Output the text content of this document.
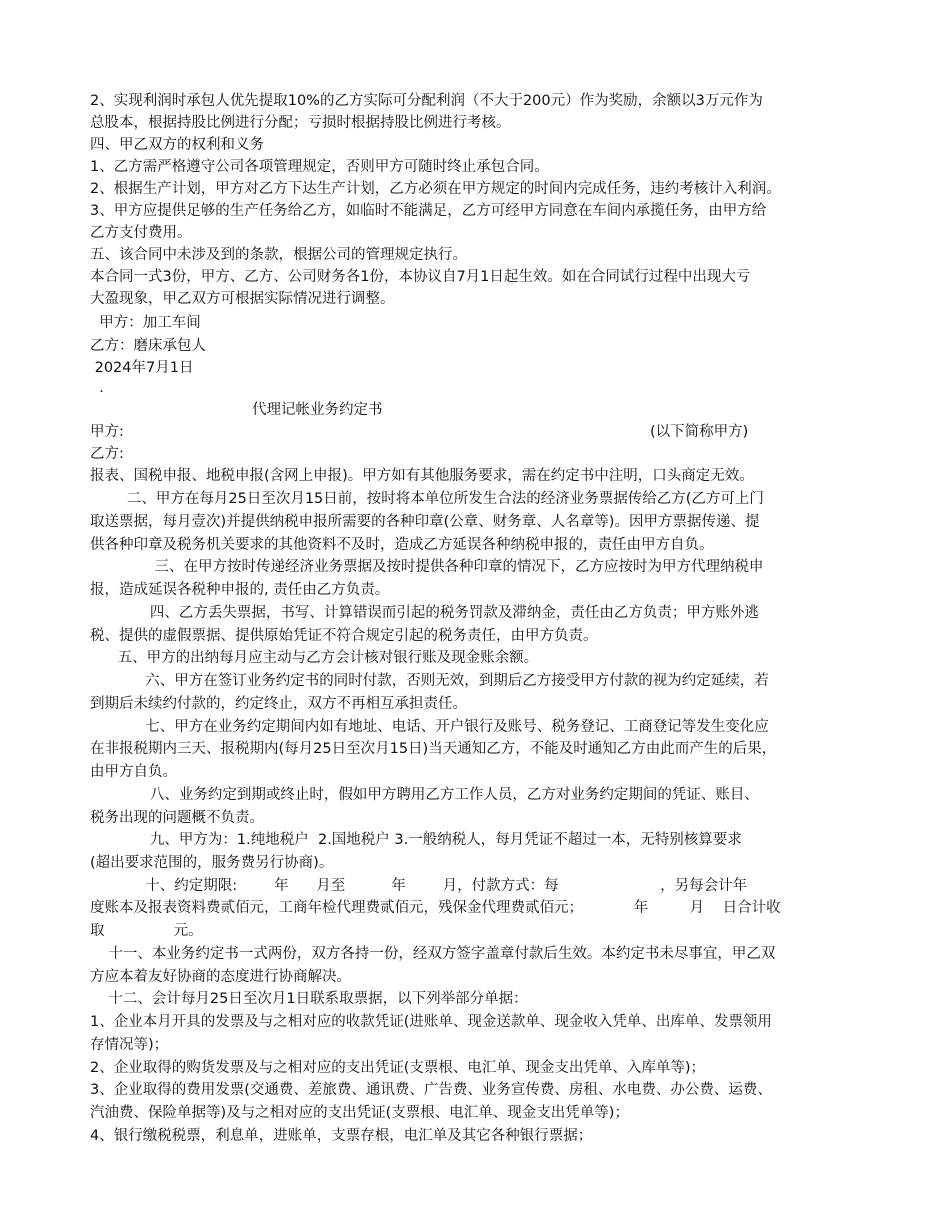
2、实现利润时承包人优先提取10%的乙方实际可分配利润（不大于200元）作为奖励，余额以3万元作为
总股本，根据持股比例进行分配；亏损时根据持股比例进行考核。
四、甲乙双方的权利和义务
1、乙方需严格遵守公司各项管理规定，否则甲方可随时终止承包合同。
2、根据生产计划，甲方对乙方下达生产计划，乙方必须在甲方规定的时间内完成任务，违约考核计入利润。
3、甲方应提供足够的生产任务给乙方，如临时不能满足，乙方可经甲方同意在车间内承揽任务，由甲方给
乙方支付费用。
五、该合同中未涉及到的条款，根据公司的管理规定执行。
本合同一式3份，甲方、乙方、公司财务各1份，本协议自7月1日起生效。如在合同试行过程中出现大亏
大盈现象，甲乙双方可根据实际情况进行调整。
甲方：加工车间
乙方：磨床承包人
2024年7月1日
.
代理记帐业务约定书
甲方:	(以下简称甲方)
乙方:
报表、国税申报、地税申报(含网上申报)。甲方如有其他服务要求，需在约定书中注明，口头商定无效。
二、甲方在每月25日至次月15日前，按时将本单位所发生合法的经济业务票据传给乙方(乙方可上门
取送票据，每月壹次)并提供纳税申报所需要的各种印章(公章、财务章、人名章等)。因甲方票据传递、提
供各种印章及税务机关要求的其他资料不及时，造成乙方延误各种纳税申报的，责任由甲方自负。
三、在甲方按时传递经济业务票据及按时提供各种印章的情况下，乙方应按时为甲方代理纳税申
报，造成延误各税种申报的, 责任由乙方负责。
四、乙方丢失票据，书写、计算错误而引起的税务罚款及滞纳金，责任由乙方负责；甲方账外逃
税、提供的虚假票据、提供原始凭证不符合规定引起的税务责任，由甲方负责。
五、甲方的出纳每月应主动与乙方会计核对银行账及现金账余额。
六、甲方在签订业务约定书的同时付款，否则无效，到期后乙方接受甲方付款的视为约定延续，若
到期后未续约付款的，约定终止，双方不再相互承担责任。
七、甲方在业务约定期间内如有地址、电话、开户银行及账号、税务登记、工商登记等发生变化应
在非报税期内三天、报税期内(每月25日至次月15日)当天通知乙方，不能及时通知乙方由此而产生的后果，
由甲方自负。
八、业务约定到期或终止时，假如甲方聘用乙方工作人员，乙方对业务约定期间的凭证、账目、
税务出现的问题概不负责。
九、甲方为：1.纯地税户  2.国地税户 3.一般纳税人，每月凭证不超过一本，无特别核算要求
(超出要求范围的，服务费另行协商)。
十、约定期限:        年      月至          年        月，付款方式：每                      ，另每会计年
度账本及报表资料费贰佰元，工商年检代理费贰佰元，残保金代理费贰佰元；           年         月    日合计收
取               元。
十一、本业务约定书一式两份，双方各持一份，经双方签字盖章付款后生效。本约定书未尽事宜，甲乙双
方应本着友好协商的态度进行协商解决。
十二、会计每月25日至次月1日联系取票据，以下列举部分单据：
1、企业本月开具的发票及与之相对应的收款凭证(进账单、现金送款单、现金收入凭单、出库单、发票领用
存情况等)；
2、企业取得的购货发票及与之相对应的支出凭证(支票根、电汇单、现金支出凭单、入库单等)；
3、企业取得的费用发票(交通费、差旅费、通讯费、广告费、业务宣传费、房租、水电费、办公费、运费、
汽油费、保险单据等)及与之相对应的支出凭证(支票根、电汇单、现金支出凭单等)；
4、银行缴税税票，利息单，进账单，支票存根，电汇单及其它各种银行票据；
